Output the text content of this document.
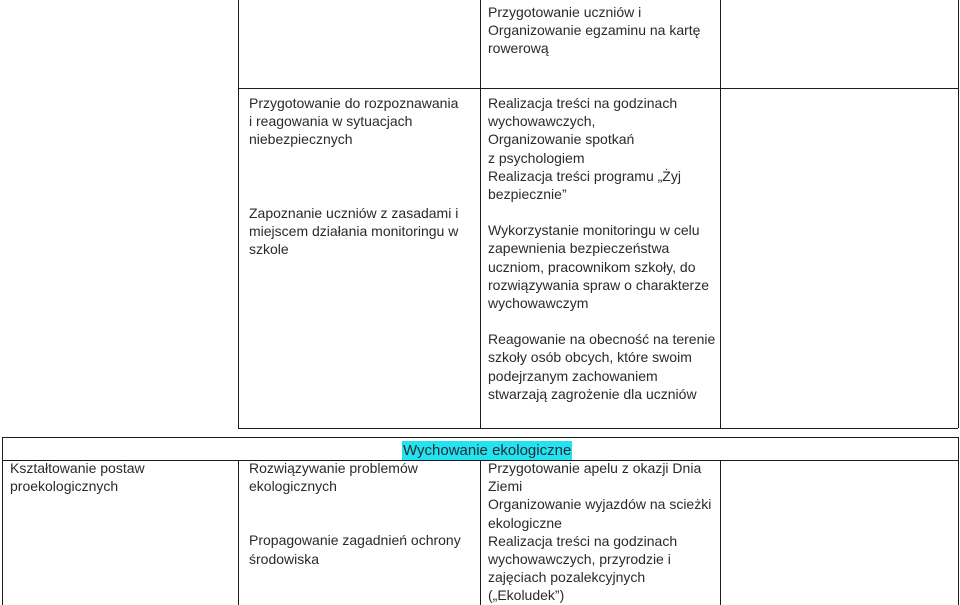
Przygotowanie uczniów i

Organizowanie egzaminu na kartę

rowerową

Przygotowanie do rozpoznawania

i reagowania w sytuacjach

niebezpiecznych

Zapoznanie uczniów z zasadami i

miejscem działania monitoringu w

szkole

Realizacja treści na godzinach

wychowawczych,

Organizowanie spotkań

z psychologiem

Realizacja treści programu „Żyj

bezpiecznie”

Wykorzystanie monitoringu w celu

zapewnienia bezpieczeństwa

uczniom, pracownikom szkoły, do

rozwiązywania spraw o charakterze

wychowawczym

Reagowanie na obecność na terenie

szkoły osób obcych, które swoim

podejrzanym zachowaniem

stwarzają zagrożenie dla uczniów

Wychowanie ekologiczne

Kształtowanie postaw

proekologicznych

Rozwiązywanie problemów

ekologicznych

Propagowanie zagadnień ochrony

środowiska

Przygotowanie apelu z okazji Dnia

Ziemi

Organizowanie wyjazdów na scieżki

ekologiczne

Realizacja treści na godzinach

wychowawczych, przyrodzie i

zajęciach pozalekcyjnych

(„Ekoludek”)
